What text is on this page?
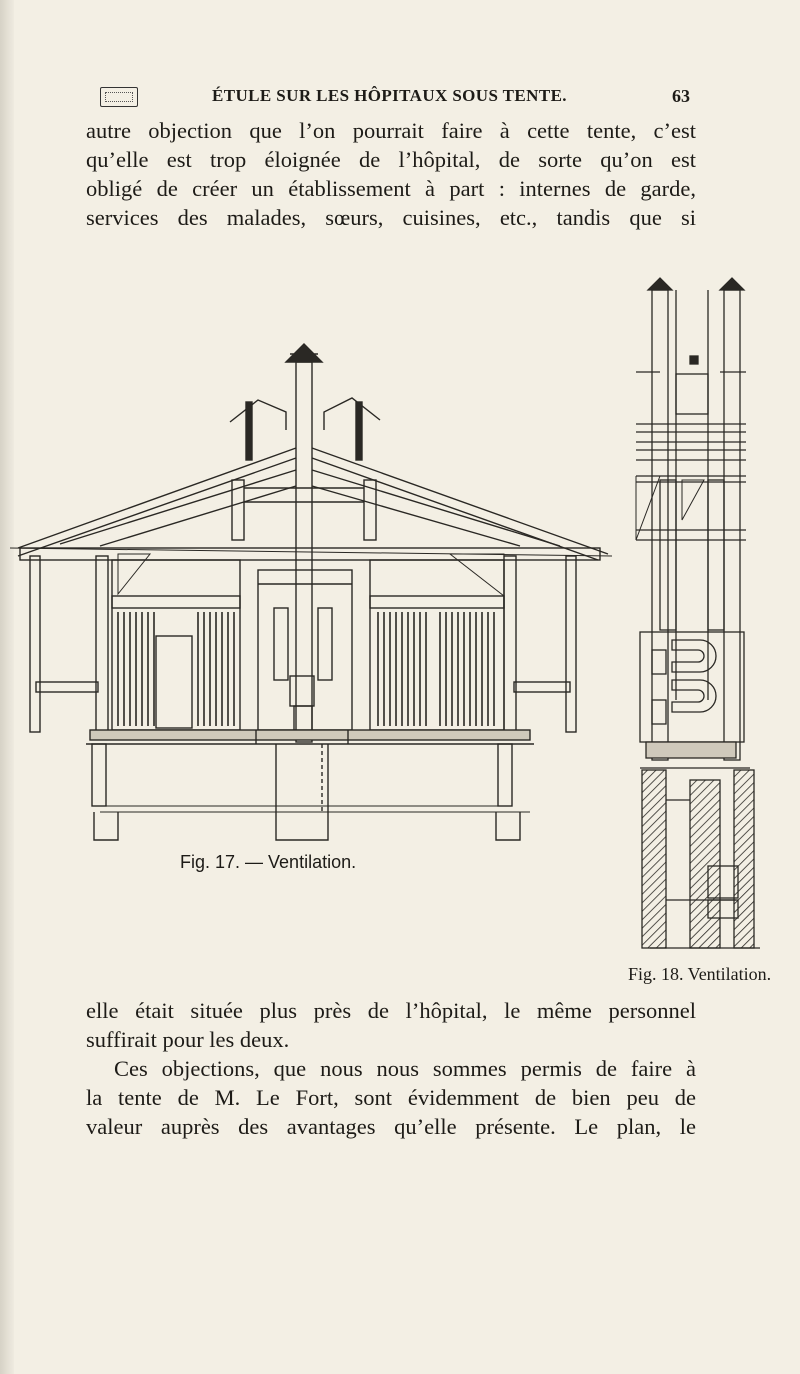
ÉTULE SUR LES HÔPITAUX SOUS TENTE.	63
autre objection que l’on pourrait faire à cette tente, c’est
qu’elle est trop éloignée de l’hôpital, de sorte qu’on est
obligé de créer un établissement à part : internes de garde,
services des malades, sœurs, cuisines, etc., tandis que si
Fig. 17. — Ventilation.
Fig. 18. Ventilation.
elle était située plus près de l’hôpital, le même personnel
suffirait pour les deux.
Ces objections, que nous nous sommes permis de faire à
la tente de M. Le Fort, sont évidemment de bien peu de
valeur auprès des avantages qu’elle présente. Le plan, le
